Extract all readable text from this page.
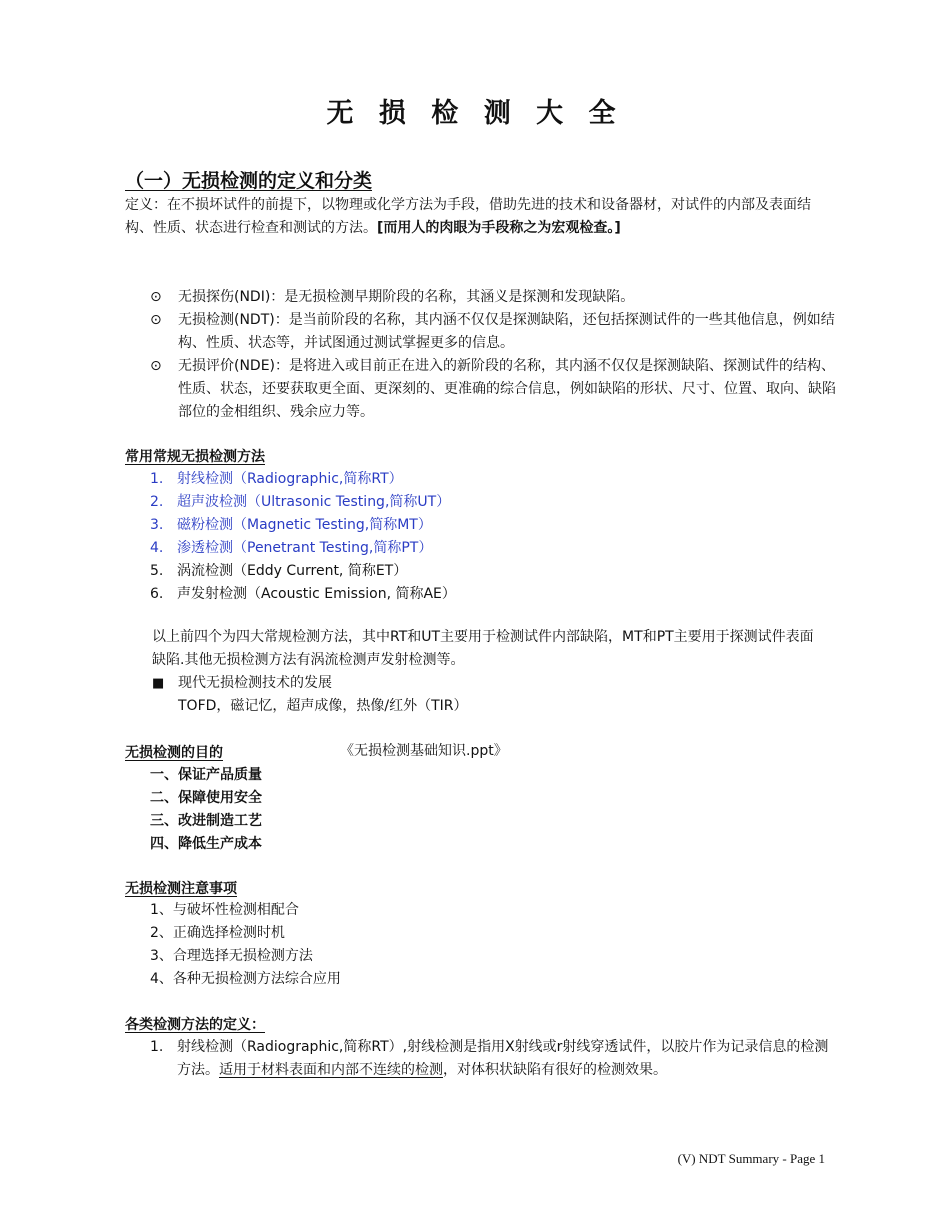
无 损 检 测 大 全
（一）无损检测的定义和分类
定义：在不损坏试件的前提下，以物理或化学方法为手段，借助先进的技术和设备器材，对试件的内部及表面结构、性质、状态进行检查和测试的方法。[而用人的肉眼为手段称之为宏观检查。]
⊙	无损探伤(NDI)：是无损检测早期阶段的名称，其涵义是探测和发现缺陷。
⊙	无损检测(NDT)：是当前阶段的名称，其内涵不仅仅是探测缺陷，还包括探测试件的一些其他信息，例如结构、性质、状态等，并试图通过测试掌握更多的信息。
⊙	无损评价(NDE)：是将进入或目前正在进入的新阶段的名称，其内涵不仅仅是探测缺陷、探测试件的结构、性质、状态，还要获取更全面、更深刻的、更准确的综合信息，例如缺陷的形状、尺寸、位置、取向、缺陷部位的金相组织、残余应力等。
常用常规无损检测方法
1. 射线检测（Radiographic,简称RT）
2. 超声波检测（Ultrasonic Testing,简称UT）
3. 磁粉检测（Magnetic Testing,简称MT）
4. 渗透检测（Penetrant Testing,简称PT）
5. 涡流检测（Eddy Current, 简称ET）
6. 声发射检测（Acoustic Emission, 简称AE）
以上前四个为四大常规检测方法，其中RT和UT主要用于检测试件内部缺陷，MT和PT主要用于探测试件表面缺陷.其他无损检测方法有涡流检测声发射检测等。
■ 现代无损检测技术的发展
TOFD，磁记忆，超声成像，热像/红外（TIR）
无损检测的目的	《无损检测基础知识.ppt》
一、保证产品质量
二、保障使用安全
三、改进制造工艺
四、降低生产成本
无损检测注意事项
1、与破坏性检测相配合
2、正确选择检测时机
3、合理选择无损检测方法
4、各种无损检测方法综合应用
各类检测方法的定义：
1. 射线检测（Radiographic,简称RT）,射线检测是指用X射线或r射线穿透试件，以胶片作为记录信息的检测方法。适用于材料表面和内部不连续的检测，对体积状缺陷有很好的检测效果。
(V) NDT Summary - Page 1
